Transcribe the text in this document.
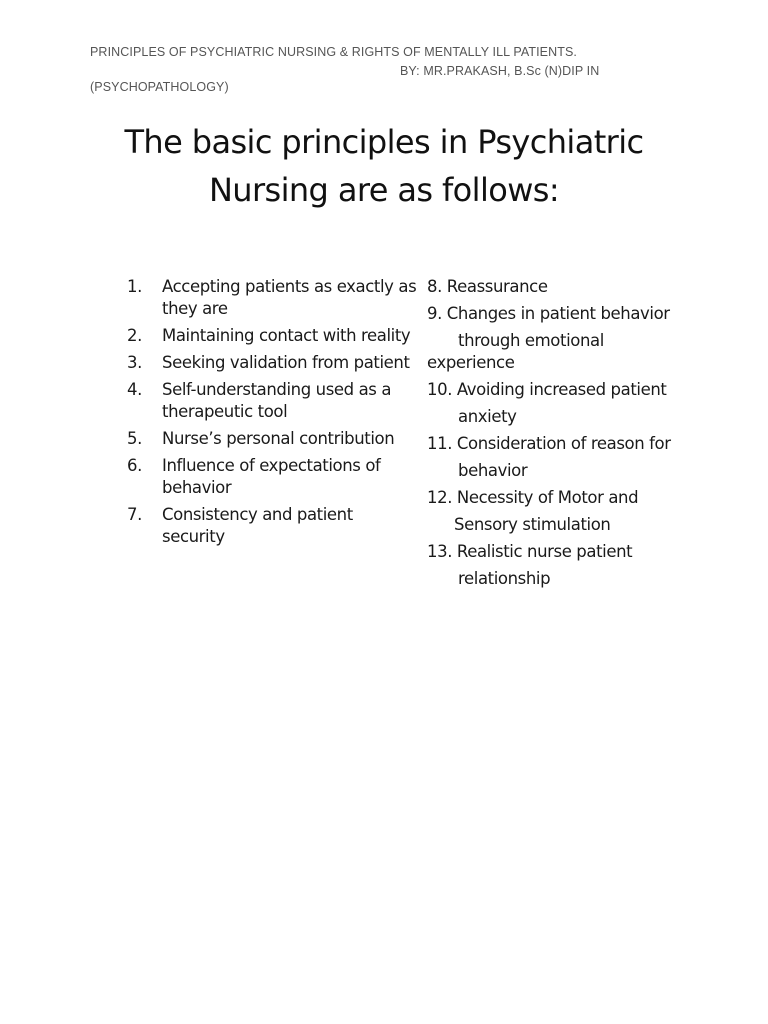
PRINCIPLES OF PSYCHIATRIC NURSING & RIGHTS OF MENTALLY ILL PATIENTS.
BY: MR.PRAKASH, B.Sc (N)DIP IN
(PSYCHOPATHOLOGY)
The basic principles in Psychiatric
Nursing are as follows:
1.	Accepting patients as exactly as they are
2.	Maintaining contact with reality
3.	Seeking validation from patient
4.	Self-understanding used as a therapeutic tool
5.	Nurse’s personal contribution
6.	Influence of expectations of behavior
7.	Consistency and patient security
8. Reassurance
9. Changes in patient behavior
through emotional
experience
10. Avoiding increased patient
anxiety
11. Consideration of reason for
behavior
12. Necessity of Motor and
Sensory stimulation
13. Realistic nurse patient
relationship
